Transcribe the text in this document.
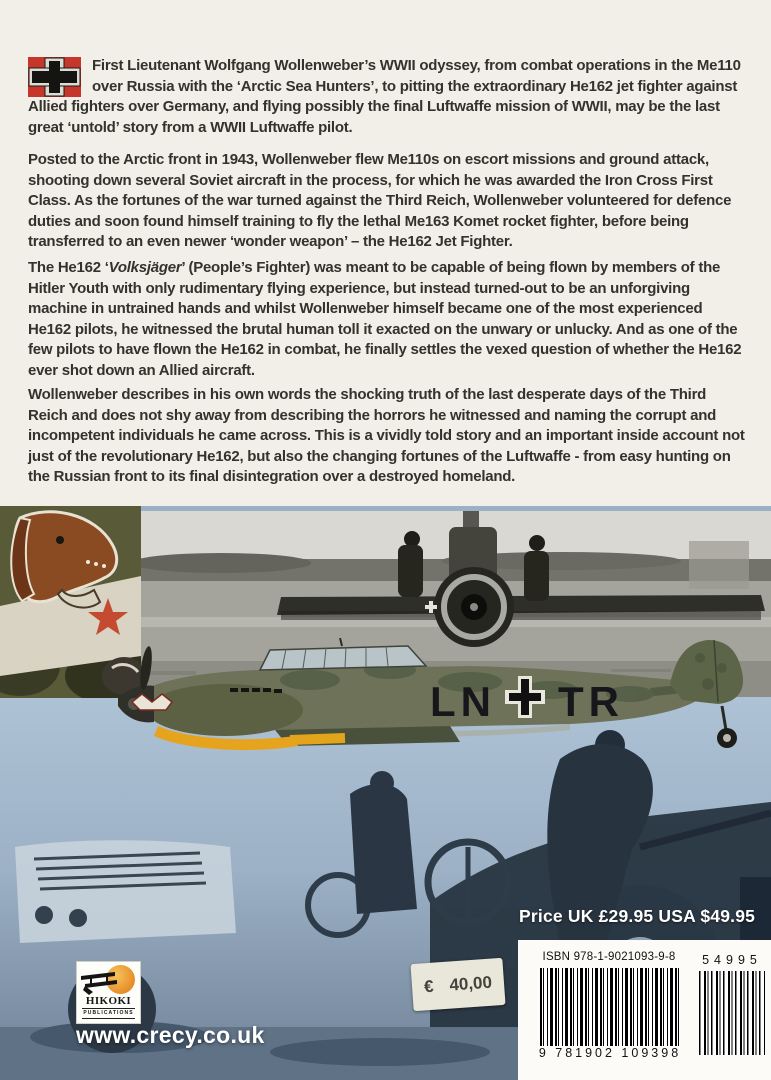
First Lieutenant Wolfgang Wollenweber’s WWII odyssey, from combat operations in the Me110 over Russia with the ‘Arctic Sea Hunters’, to pitting the extraordinary He162 jet fighter against Allied fighters over Germany, and flying possibly the final Luftwaffe mission of WWII, may be the last great ‘untold’ story from a WWII Luftwaffe pilot.

Posted to the Arctic front in 1943, Wollenweber flew Me110s on escort missions and ground attack, shooting down several Soviet aircraft in the process, for which he was awarded the Iron Cross First Class. As the fortunes of the war turned against the Third Reich, Wollenweber volunteered for defence duties and soon found himself training to fly the lethal Me163 Komet rocket fighter, before being transferred to an even newer ‘wonder weapon’ – the He162 Jet Fighter.

The He162 ‘Volksjäger’ (People’s Fighter) was meant to be capable of being flown by members of the Hitler Youth with only rudimentary flying experience, but instead turned-out to be an unforgiving machine in untrained hands and whilst Wollenweber himself became one of the most experienced He162 pilots, he witnessed the brutal human toll it exacted on the unwary or unlucky. And as one of the few pilots to have flown the He162 in combat, he finally settles the vexed question of whether the He162 ever shot down an Allied aircraft.

Wollenweber describes in his own words the shocking truth of the last desperate days of the Third Reich and does not shy away from describing the horrors he witnessed and naming the corrupt and incompetent individuals he came across. This is a vividly told story and an important inside account not just of the revolutionary He162, but also the changing fortunes of the Luftwaffe - from easy hunting on the Russian front to its final disintegration over a destroyed homeland.

LN TR
€ 40,00
Price UK £29.95 USA $49.95
ISBN 978-1-9021093-9-8
9 781902 109398
54995
HIKOKI
PUBLICATIONS
www.crecy.co.uk
